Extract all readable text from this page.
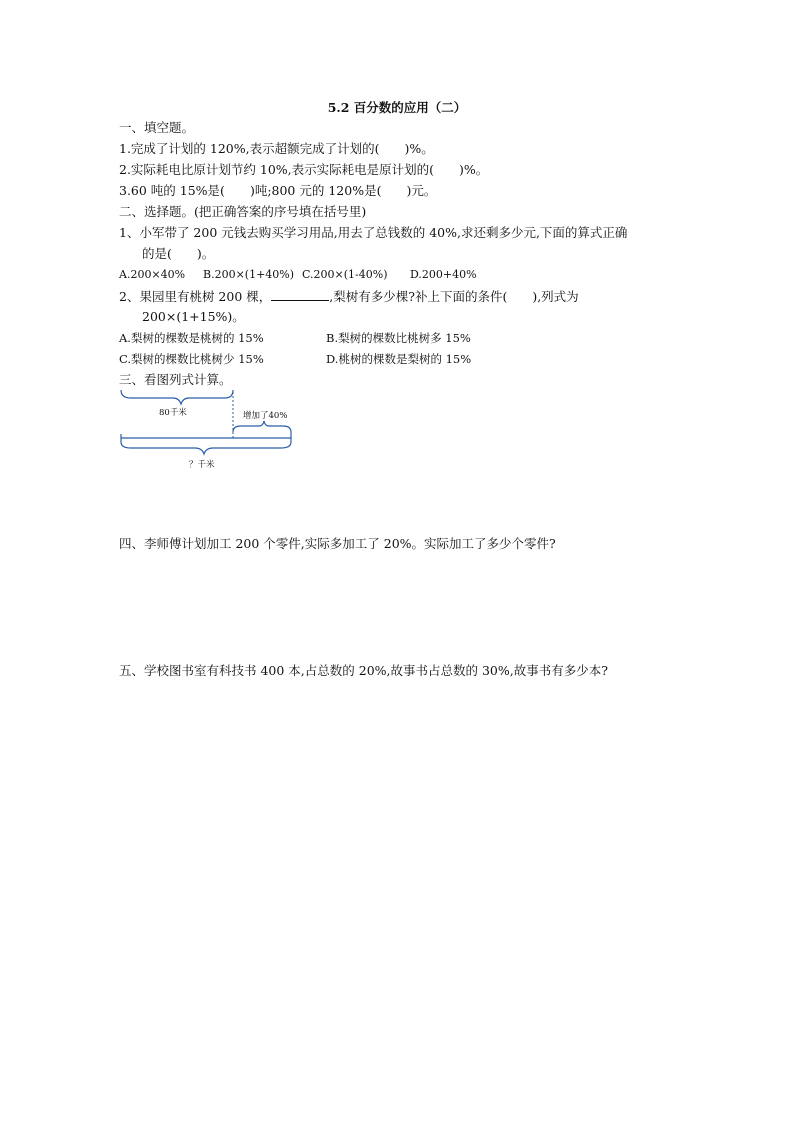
5.2 百分数的应用（二）

一、填空题。

1.完成了计划的 120%,表示超额完成了计划的(　　)%。

2.实际耗电比原计划节约 10%,表示实际耗电是原计划的(　　)%。

3.60 吨的 15%是(　　)吨;800 元的 120%是(　　)元。

二、选择题。(把正确答案的序号填在括号里)

1、小军带了 200 元钱去购买学习用品,用去了总钱数的 40%,求还剩多少元,下面的算式正确

的是(　　)。

A.200×40% B.200×(1+40%) C.200×(1-40%) D.200+40%

2、果园里有桃树 200 棵，	,梨树有多少棵?补上下面的条件(　　),列式为

200×(1+15%)。

A.梨树的棵数是桃树的 15%	B.梨树的棵数比桃树多 15%

C.梨树的棵数比桃树少 15%	D.桃树的棵数是梨树的 15%

三、看图列式计算。

80千米	增加了40%
？千米

四、李师傅计划加工 200 个零件,实际多加工了 20%。实际加工了多少个零件?

五、学校图书室有科技书 400 本,占总数的 20%,故事书占总数的 30%,故事书有多少本?
